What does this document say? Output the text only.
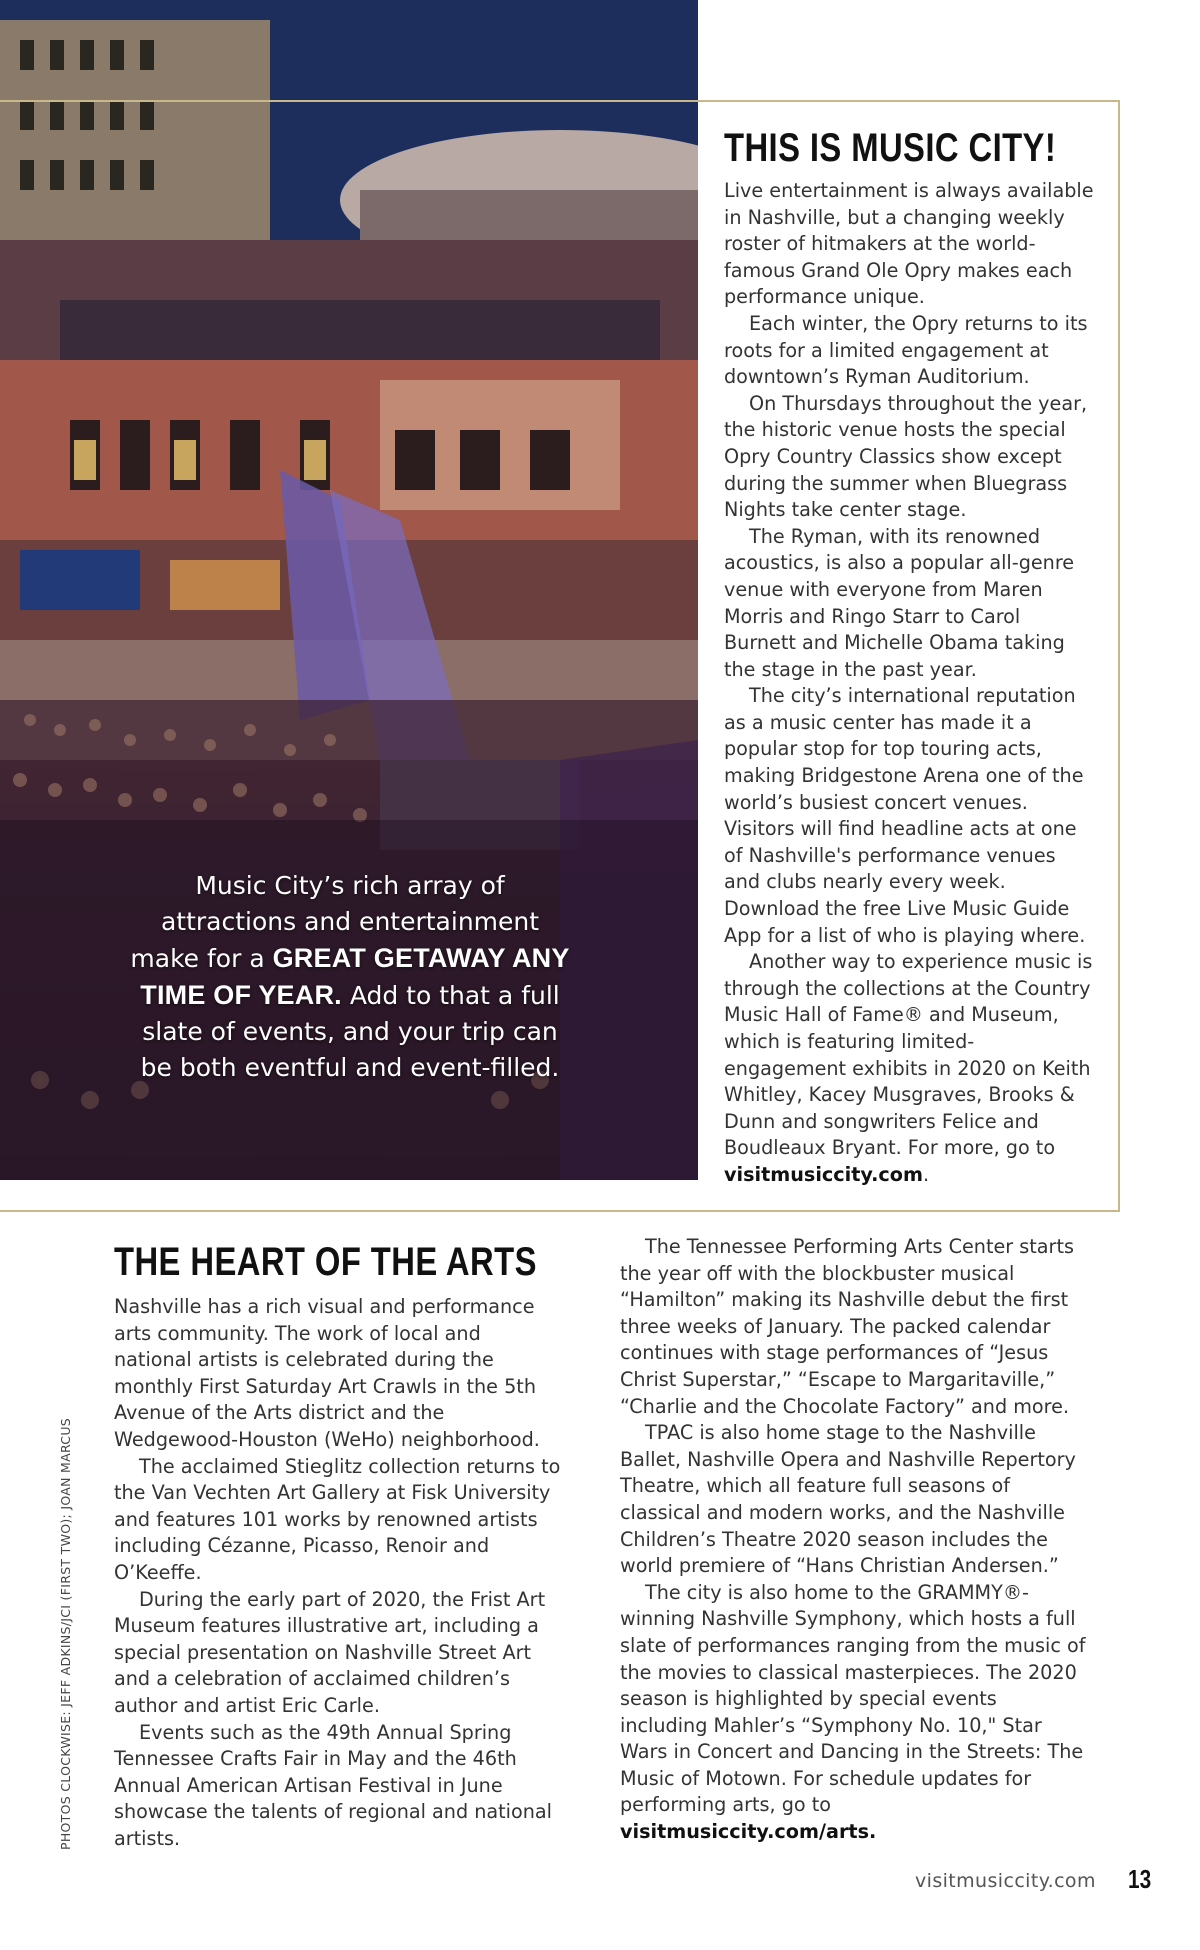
Music City’s rich array of attractions and entertainment make for a GREAT GETAWAY ANY TIME OF YEAR. Add to that a full slate of events, and your trip can be both eventful and event-filled.
THIS IS MUSIC CITY!

Live entertainment is always available in Nashville, but a changing weekly roster of hitmakers at the world-famous Grand Ole Opry makes each performance unique.

Each winter, the Opry returns to its roots for a limited engagement at downtown’s Ryman Auditorium.

On Thursdays throughout the year, the historic venue hosts the special Opry Country Classics show except during the summer when Bluegrass Nights take center stage.

The Ryman, with its renowned acoustics, is also a popular all-genre venue with everyone from Maren Morris and Ringo Starr to Carol Burnett and Michelle Obama taking the stage in the past year.

The city’s international reputation as a music center has made it a popular stop for top touring acts, making Bridgestone Arena one of the world’s busiest concert venues. Visitors will find headline acts at one of Nashville's performance venues and clubs nearly every week. Download the free Live Music Guide App for a list of who is playing where.

Another way to experience music is through the collections at the Country Music Hall of Fame® and Museum, which is featuring limited-engagement exhibits in 2020 on Keith Whitley, Kacey Musgraves, Brooks & Dunn and songwriters Felice and Boudleaux Bryant. For more, go to visitmusiccity.com.

THE HEART OF THE ARTS

Nashville has a rich visual and performance arts community. The work of local and national artists is celebrated during the monthly First Saturday Art Crawls in the 5th Avenue of the Arts district and the Wedgewood-Houston (WeHo) neighborhood.

The acclaimed Stieglitz collection returns to the Van Vechten Art Gallery at Fisk University and features 101 works by renowned artists including Cézanne, Picasso, Renoir and O’Keeffe.

During the early part of 2020, the Frist Art Museum features illustrative art, including a special presentation on Nashville Street Art and a celebration of acclaimed children’s author and artist Eric Carle.

Events such as the 49th Annual Spring Tennessee Crafts Fair in May and the 46th Annual American Artisan Festival in June showcase the talents of regional and national artists.

The Tennessee Performing Arts Center starts the year off with the blockbuster musical “Hamilton” making its Nashville debut the first three weeks of January. The packed calendar continues with stage performances of “Jesus Christ Superstar,” “Escape to Margaritaville,” “Charlie and the Chocolate Factory” and more.

TPAC is also home stage to the Nashville Ballet, Nashville Opera and Nashville Repertory Theatre, which all feature full seasons of classical and modern works, and the Nashville Children’s Theatre 2020 season includes the world premiere of “Hans Christian Andersen.”

The city is also home to the GRAMMY®-winning Nashville Symphony, which hosts a full slate of performances ranging from the music of the movies to classical masterpieces. The 2020 season is highlighted by special events including Mahler’s “Symphony No. 10," Star Wars in Concert and Dancing in the Streets: The Music of Motown. For schedule updates for performing arts, go to visitmusiccity.com/arts.

PHOTOS CLOCKWISE: JEFF ADKINS/JCI (FIRST TWO); JOAN MARCUS
visitmusiccity.com 13
